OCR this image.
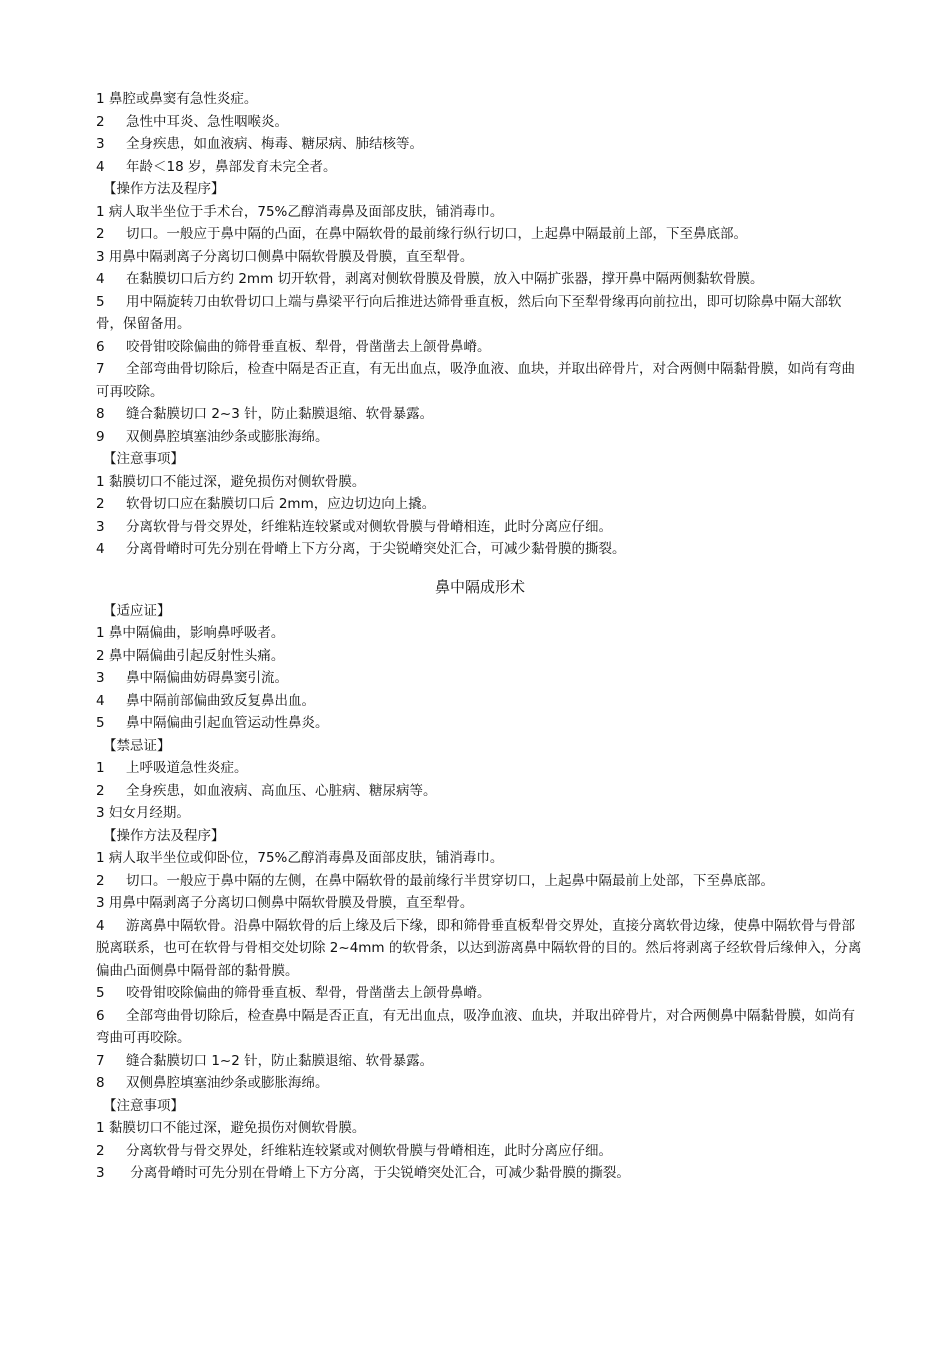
1 鼻腔或鼻窦有急性炎症。

2     急性中耳炎、急性咽喉炎。

3     全身疾患，如血液病、梅毒、糖尿病、肺结核等。

4     年龄＜18 岁，鼻部发育未完全者。

【操作方法及程序】

1 病人取半坐位于手术台，75%乙醇消毒鼻及面部皮肤，铺消毒巾。

2     切口。一般应于鼻中隔的凸面，在鼻中隔软骨的最前缘行纵行切口，上起鼻中隔最前上部，下至鼻底部。

3 用鼻中隔剥离子分离切口侧鼻中隔软骨膜及骨膜，直至犁骨。

4     在黏膜切口后方约 2mm 切开软骨，剥离对侧软骨膜及骨膜，放入中隔扩张器，撑开鼻中隔两侧黏软骨膜。

5     用中隔旋转刀由软骨切口上端与鼻梁平行向后推进达筛骨垂直板，然后向下至犁骨缘再向前拉出，即可切除鼻中隔大部软骨，保留备用。

6     咬骨钳咬除偏曲的筛骨垂直板、犁骨，骨凿凿去上颌骨鼻嵴。

7     全部弯曲骨切除后，检查中隔是否正直，有无出血点，吸净血液、血块，并取出碎骨片，对合两侧中隔黏骨膜，如尚有弯曲可再咬除。

8     缝合黏膜切口 2~3 针，防止黏膜退缩、软骨暴露。

9     双侧鼻腔填塞油纱条或膨胀海绵。

【注意事项】

1 黏膜切口不能过深，避免损伤对侧软骨膜。

2     软骨切口应在黏膜切口后 2mm，应边切边向上撬。

3     分离软骨与骨交界处，纤维粘连较紧或对侧软骨膜与骨嵴相连，此时分离应仔细。

4     分离骨嵴时可先分别在骨嵴上下方分离，于尖锐嵴突处汇合，可减少黏骨膜的撕裂。

鼻中隔成形术

【适应证】

1 鼻中隔偏曲，影响鼻呼吸者。

2 鼻中隔偏曲引起反射性头痛。

3     鼻中隔偏曲妨碍鼻窦引流。

4     鼻中隔前部偏曲致反复鼻出血。

5     鼻中隔偏曲引起血管运动性鼻炎。

【禁忌证】

1     上呼吸道急性炎症。

2     全身疾患，如血液病、高血压、心脏病、糖尿病等。

3 妇女月经期。

【操作方法及程序】

1 病人取半坐位或仰卧位，75%乙醇消毒鼻及面部皮肤，铺消毒巾。

2     切口。一般应于鼻中隔的左侧，在鼻中隔软骨的最前缘行半贯穿切口，上起鼻中隔最前上处部，下至鼻底部。

3 用鼻中隔剥离子分离切口侧鼻中隔软骨膜及骨膜，直至犁骨。

4     游离鼻中隔软骨。沿鼻中隔软骨的后上缘及后下缘，即和筛骨垂直板犁骨交界处，直接分离软骨边缘，使鼻中隔软骨与骨部脱离联系，也可在软骨与骨相交处切除 2~4mm 的软骨条，以达到游离鼻中隔软骨的目的。然后将剥离子经软骨后缘伸入，分离偏曲凸面侧鼻中隔骨部的黏骨膜。

5     咬骨钳咬除偏曲的筛骨垂直板、犁骨，骨凿凿去上颌骨鼻嵴。

6     全部弯曲骨切除后，检查鼻中隔是否正直，有无出血点，吸净血液、血块，并取出碎骨片，对合两侧鼻中隔黏骨膜，如尚有弯曲可再咬除。

7     缝合黏膜切口 1~2 针，防止黏膜退缩、软骨暴露。

8     双侧鼻腔填塞油纱条或膨胀海绵。

【注意事项】

1 黏膜切口不能过深，避免损伤对侧软骨膜。

2     分离软骨与骨交界处，纤维粘连较紧或对侧软骨膜与骨嵴相连，此时分离应仔细。

3      分离骨嵴时可先分别在骨嵴上下方分离，于尖锐嵴突处汇合，可减少黏骨膜的撕裂。
